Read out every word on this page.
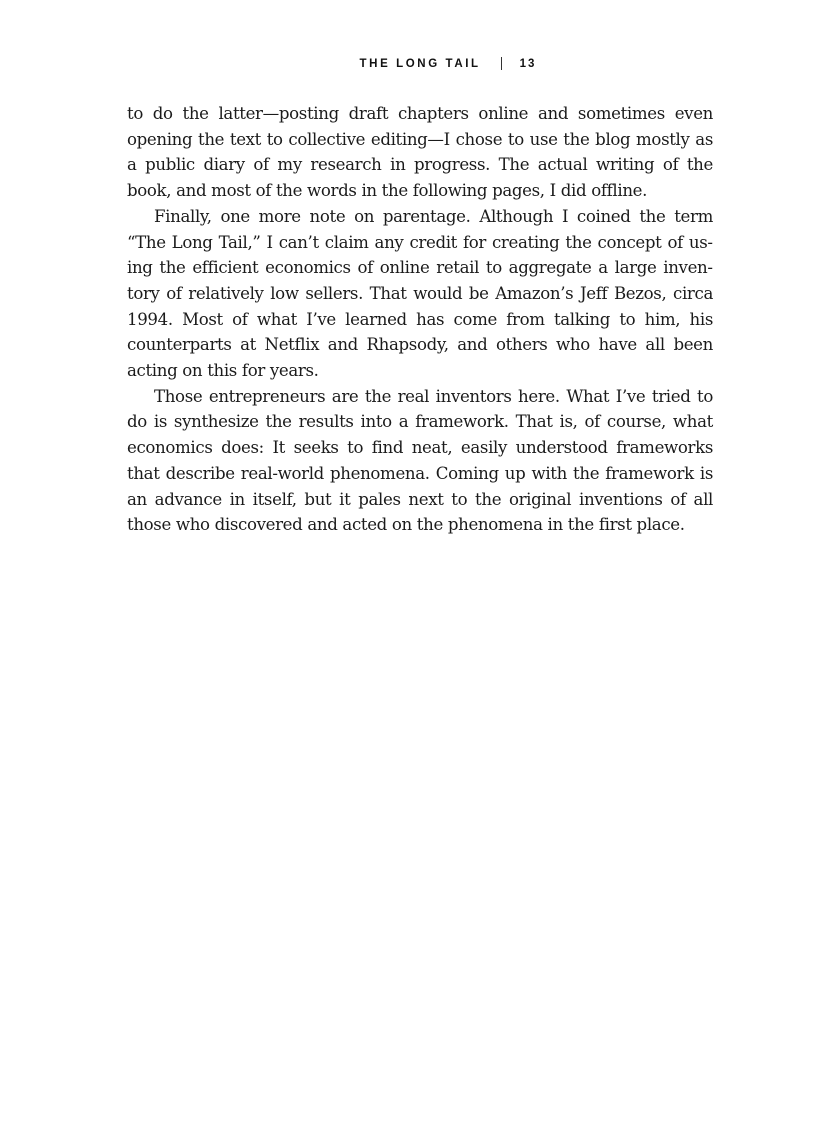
THE LONG TAIL	13

to do the latter—posting draft chapters online and sometimes even opening the text to collective editing—I chose to use the blog mostly as a public diary of my research in progress. The actual writing of the book, and most of the words in the following pages, I did offline.

Finally, one more note on parentage. Although I coined the term “The Long Tail,” I can’t claim any credit for creating the concept of using the efficient economics of online retail to aggregate a large inventory of relatively low sellers. That would be Amazon’s Jeff Bezos, circa 1994. Most of what I’ve learned has come from talking to him, his counterparts at Netflix and Rhapsody, and others who have all been acting on this for years.

Those entrepreneurs are the real inventors here. What I’ve tried to do is synthesize the results into a framework. That is, of course, what economics does: It seeks to find neat, easily understood frameworks that describe real-world phenomena. Coming up with the framework is an advance in itself, but it pales next to the original inventions of all those who discovered and acted on the phenomena in the first place.
